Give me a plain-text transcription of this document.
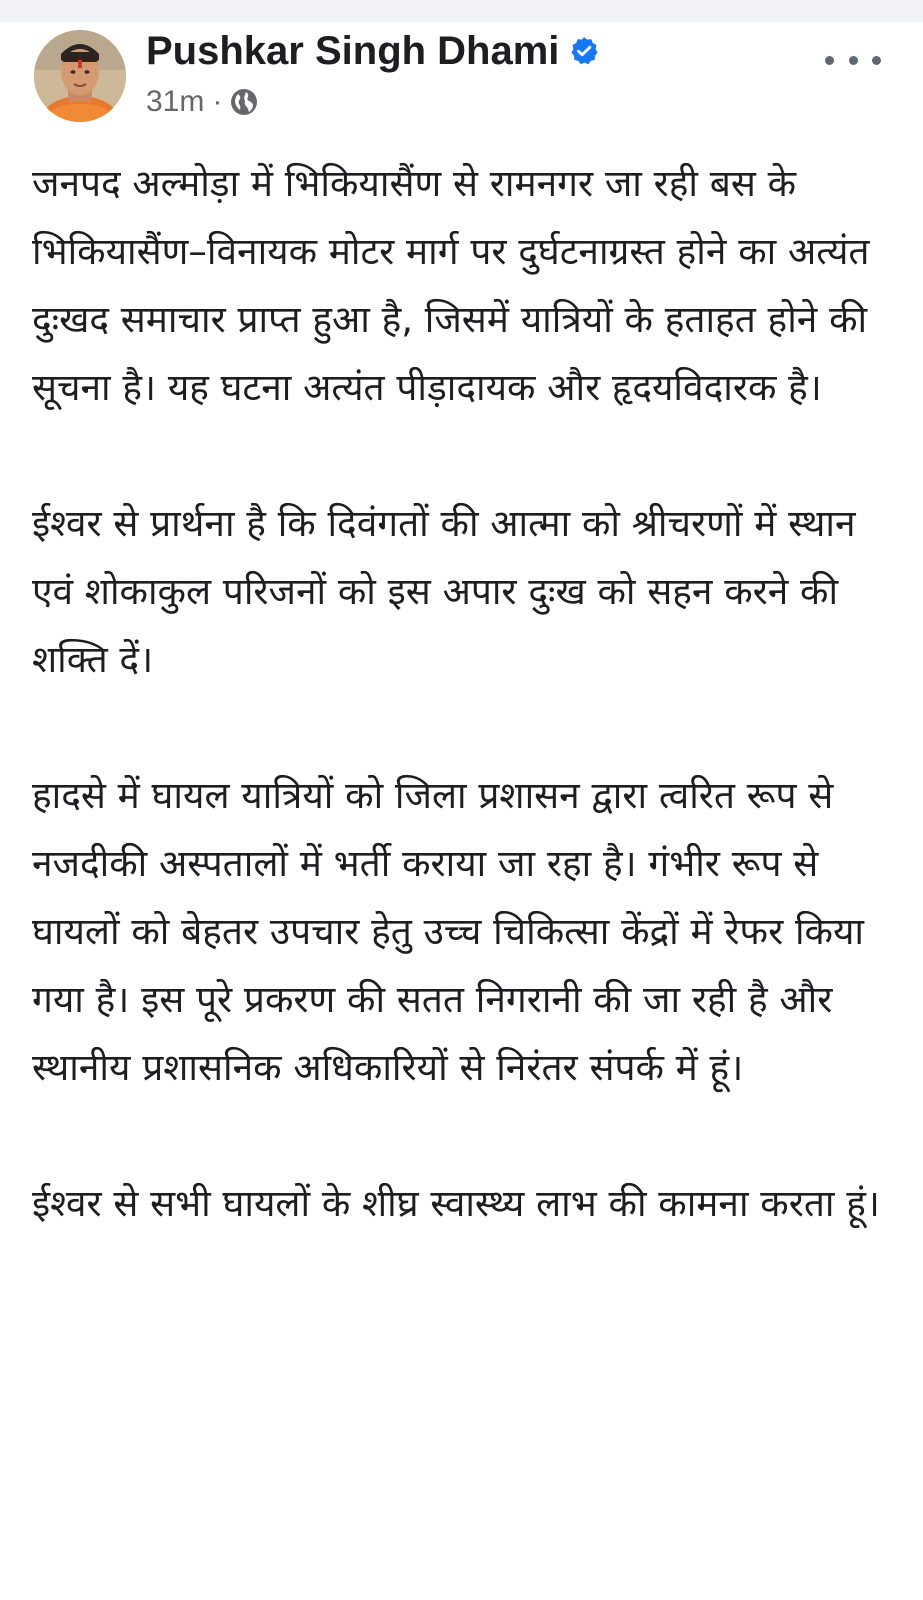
Pushkar Singh Dhami
31m ·

जनपद अल्मोड़ा में भिकियासैंण से रामनगर जा रही बस के भिकियासैंण–विनायक मोटर मार्ग पर दुर्घटनाग्रस्त होने का अत्यंत दुःखद समाचार प्राप्त हुआ है, जिसमें यात्रियों के हताहत होने की सूचना है। यह घटना अत्यंत पीड़ादायक और हृदयविदारक है।

ईश्वर से प्रार्थना है कि दिवंगतों की आत्मा को श्रीचरणों में स्थान एवं शोकाकुल परिजनों को इस अपार दुःख को सहन करने की शक्ति दें।

हादसे में घायल यात्रियों को जिला प्रशासन द्वारा त्वरित रूप से नजदीकी अस्पतालों में भर्ती कराया जा रहा है। गंभीर रूप से घायलों को बेहतर उपचार हेतु उच्च चिकित्सा केंद्रों में रेफर किया गया है। इस पूरे प्रकरण की सतत निगरानी की जा रही है और स्थानीय प्रशासनिक अधिकारियों से निरंतर संपर्क में हूं।

ईश्वर से सभी घायलों के शीघ्र स्वास्थ्य लाभ की कामना करता हूं।
